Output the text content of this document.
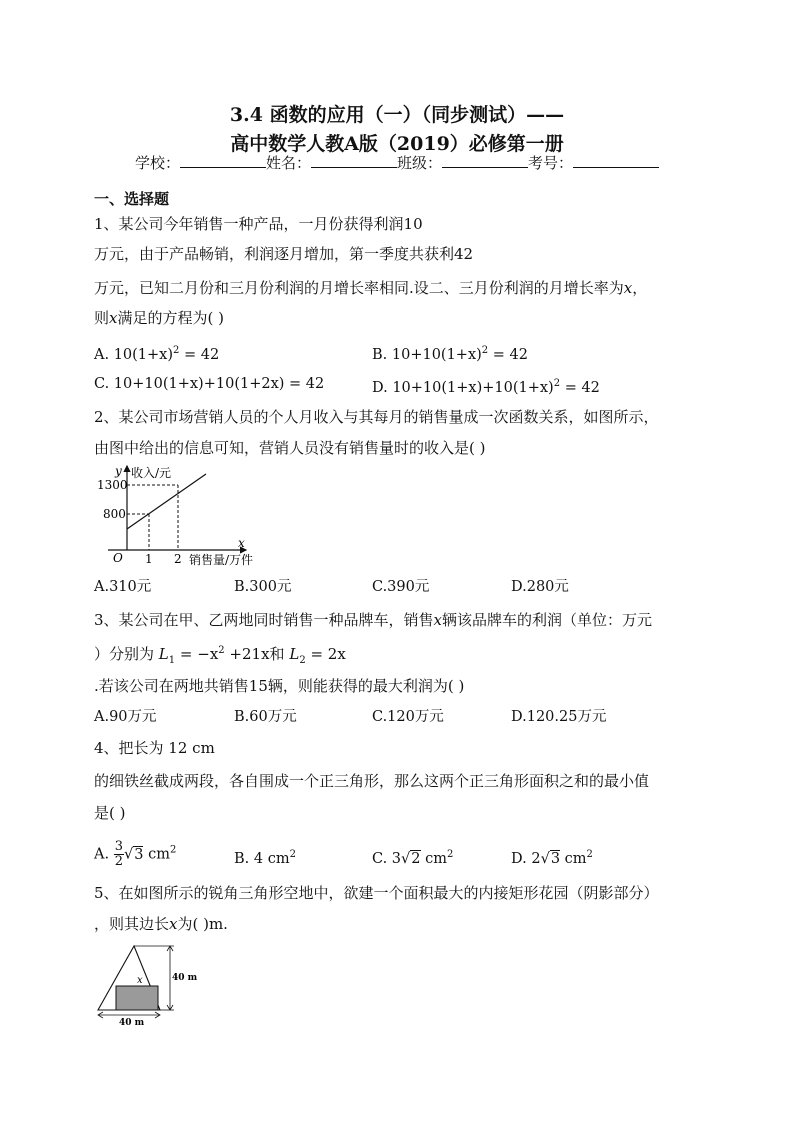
3.4 函数的应用（一）（同步测试）——
高中数学人教A版（2019）必修第一册
学校：	姓名：	班级：	考号：
一、选择题
1、某公司今年销售一种产品，一月份获得利润10
万元，由于产品畅销，利润逐月增加，第一季度共获利42
万元，已知二月份和三月份利润的月增长率相同.设二、三月份利润的月增长率为x，
则x满足的方程为( )
A. $10(1+x)^2 = 42$	B. $10+10(1+x)^2 = 42$
C. 10+10(1+x)+10(1+2x) = 42	D. $10+10(1+x)+10(1+x)^2 = 42$
2、某公司市场营销人员的个人月收入与其每月的销售量成一次函数关系，如图所示，
由图中给出的信息可知，营销人员没有销售量时的收入是( )
y 收入/元
1300
800
O 1 2
x
销售量/万件
A.310元	B.300元	C.390元	D.280元
3、某公司在甲、乙两地同时销售一种品牌车，销售x辆该品牌车的利润（单位：万元
）分别为 $L_1 = -x^2 +21x$和 $L_2 = 2x$
.若该公司在两地共销售15辆，则能获得的最大利润为( )
A.90万元	B.60万元	C.120万元	D.120.25万元
4、把长为 12 cm
的细铁丝截成两段，各自围成一个正三角形，那么这两个正三角形面积之和的最小值
是( )
A. $\frac{3}{2} √3$ $cm^2$
B. 4 $cm^2$	C. 3√2 $cm^2$	D. 2√3 $cm^2$
5、在如图所示的锐角三角形空地中，欲建一个面积最大的内接矩形花园（阴影部分）
，则其边长x为( )m.
x	40 m
40 m
